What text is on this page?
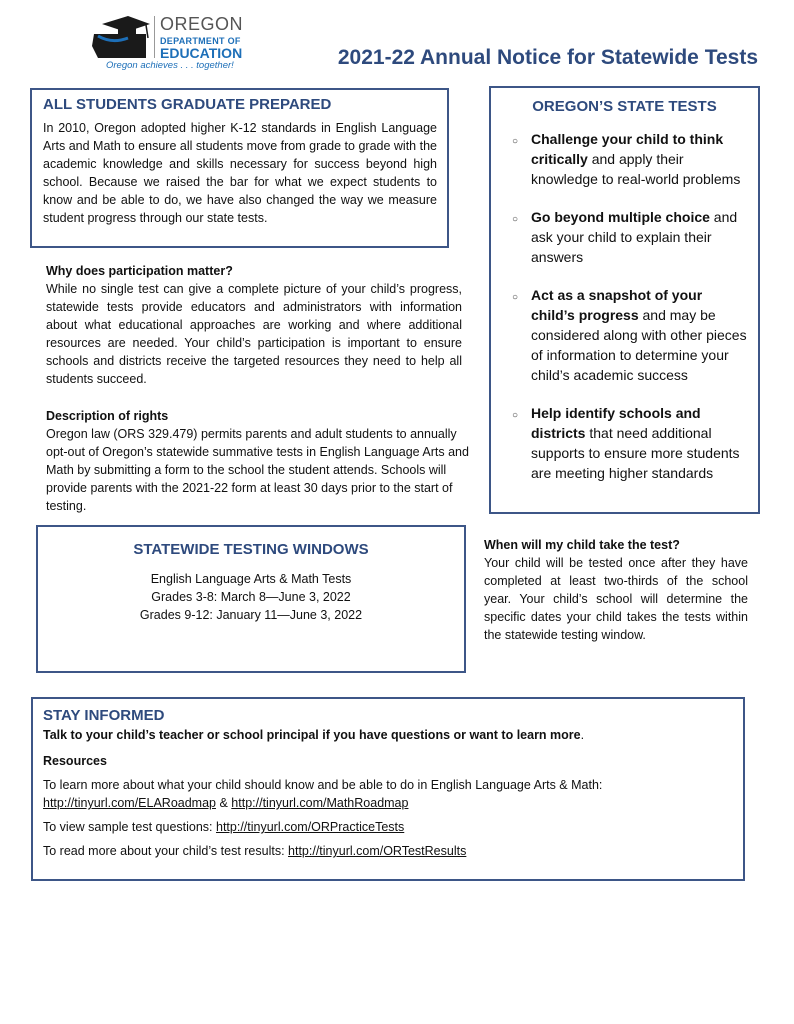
OREGON
DEPARTMENT OF
EDUCATION
Oregon achieves . . . together!	2021-22 Annual Notice for Statewide Tests
ALL STUDENTS GRADUATE PREPARED

In 2010, Oregon adopted higher K-12 standards in English Language Arts and Math to ensure all students move from grade to grade with the academic knowledge and skills necessary for success beyond high school. Because we raised the bar for what we expect students to know and be able to do, we have also changed the way we measure student progress through our state tests.

Why does participation matter?

While no single test can give a complete picture of your child’s progress, statewide tests provide educators and administrators with information about what educational approaches are working and where additional resources are needed. Your child’s participation is important to ensure schools and districts receive the targeted resources they need to help all students succeed.

Description of rights

Oregon law (ORS 329.479) permits parents and adult students to annually opt-out of Oregon’s statewide summative tests in English Language Arts and Math by submitting a form to the school the student attends. Schools will provide parents with the 2021-22 form at least 30 days prior to the start of testing.

OREGON’S STATE TESTS
○ Challenge your child to think critically and apply their knowledge to real-world problems
○ Go beyond multiple choice and ask your child to explain their answers
○ Act as a snapshot of your child’s progress and may be considered along with other pieces of information to determine your child’s academic success
○ Help identify schools and districts that need additional supports to ensure more students are meeting higher standards
STATEWIDE TESTING WINDOWS
English Language Arts & Math Tests
Grades 3-8: March 8—June 3, 2022
Grades 9-12: January 11—June 3, 2022

When will my child take the test?

Your child will be tested once after they have completed at least two-thirds of the school year. Your child’s school will determine the specific dates your child takes the tests within the statewide testing window.

STAY INFORMED

Talk to your child’s teacher or school principal if you have questions or want to learn more.

Resources

To learn more about what your child should know and be able to do in English Language Arts & Math:

http://tinyurl.com/ELARoadmap & http://tinyurl.com/MathRoadmap

To view sample test questions: http://tinyurl.com/ORPracticeTests

To read more about your child’s test results: http://tinyurl.com/ORTestResults
